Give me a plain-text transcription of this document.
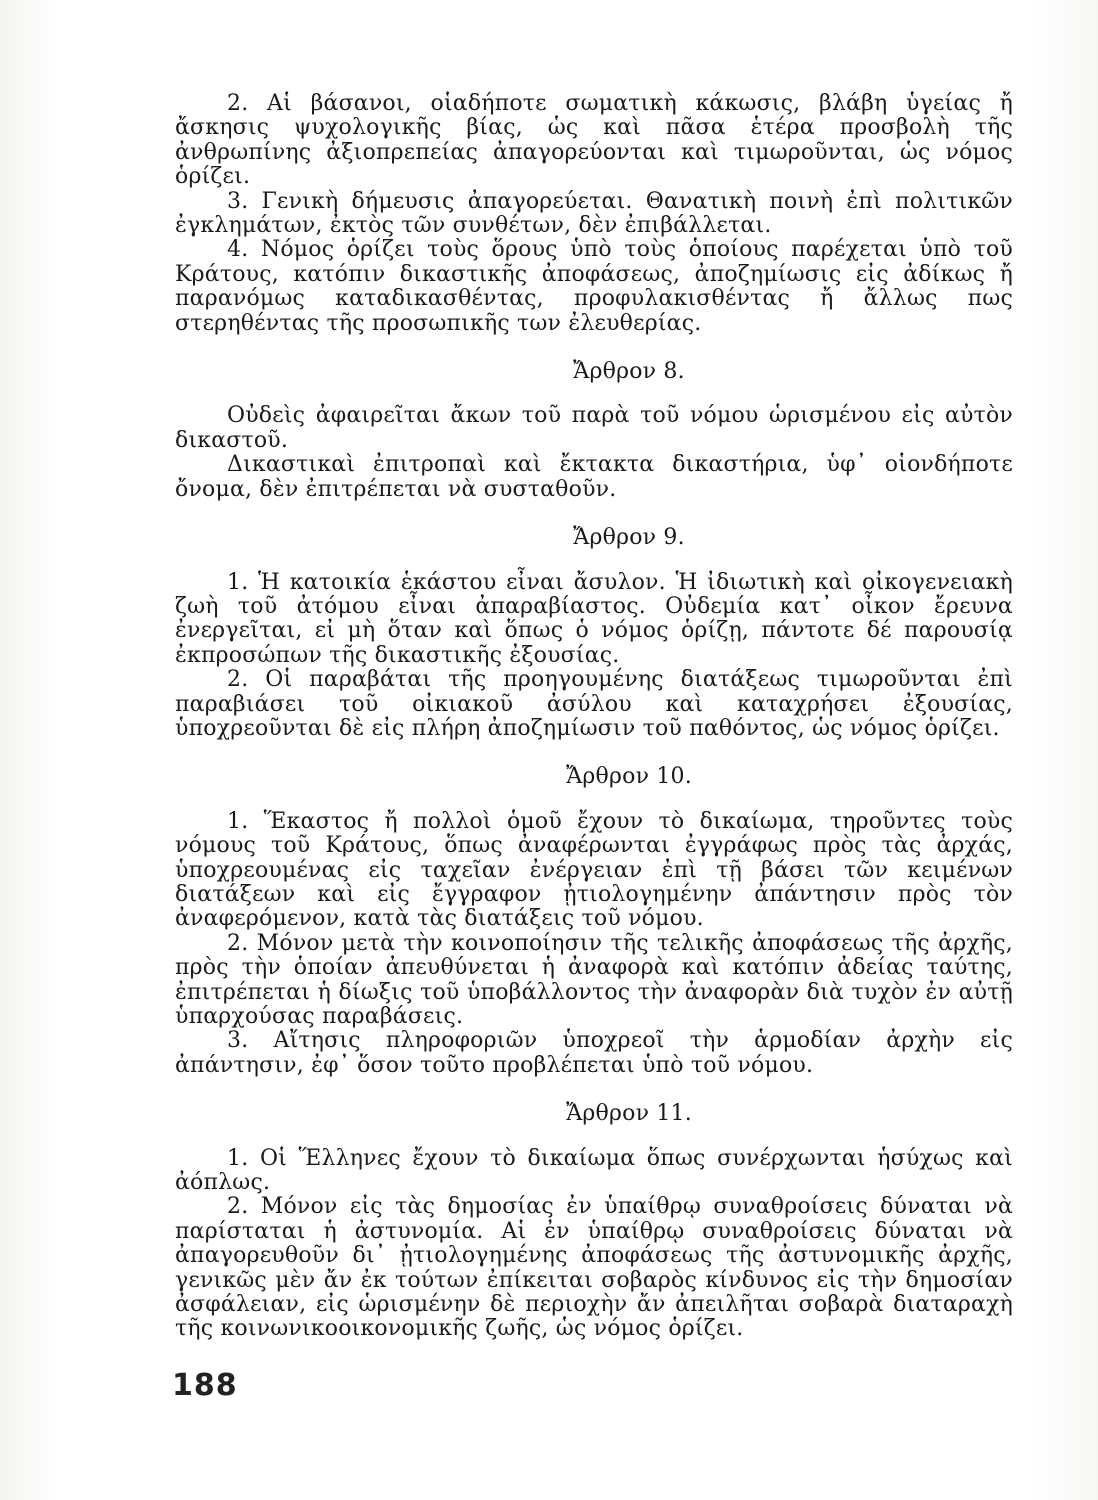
2. Αἱ βάσανοι, οἱαδήποτε σωματικὴ κάκωσις, βλάβη ὑγείας ἤ ἄσκησις ψυχολογικῆς βίας, ὡς καὶ πᾶσα ἑτέρα προσβολὴ τῆς ἀνθρωπίνης ἀξιοπρεπείας ἀπαγορεύονται καὶ τιμωροῦνται, ὡς νόμος ὁρίζει.

3. Γενικὴ δήμευσις ἀπαγορεύεται. Θανατικὴ ποινὴ ἐπὶ πολιτικῶν ἐγκλημάτων, ἐκτὸς τῶν συνθέτων, δὲν ἐπιβάλλεται.

4. Νόμος ὁρίζει τοὺς ὅρους ὑπὸ τοὺς ὁποίους παρέχεται ὑπὸ τοῦ Κράτους, κατόπιν δικαστικῆς ἀποφάσεως, ἀποζημίωσις εἰς ἀδίκως ἤ παρανόμως καταδικασθέντας, προφυλακισθέντας ἤ ἄλλως πως στερηθέντας τῆς προσωπικῆς των ἐλευθερίας.

Ἄρθρον 8.

Οὐδεὶς ἀφαιρεῖται ἄκων τοῦ παρὰ τοῦ νόμου ὡρισμένου εἰς αὐτὸν δικαστοῦ.

Δικαστικαὶ ἐπιτροπαὶ καὶ ἔκτακτα δικαστήρια, ὑφ᾽ οἱονδήποτε ὄνομα, δὲν ἐπιτρέπεται νὰ συσταθοῦν.

Ἄρθρον 9.

1. Ἡ κατοικία ἑκάστου εἶναι ἄσυλον. Ἡ ἰδιωτικὴ καὶ οἰκογενειακὴ ζωὴ τοῦ ἀτόμου εἶναι ἀπαραβίαστος. Οὐδεμία κατ᾽ οἶκον ἔρευνα ἐνεργεῖται, εἰ μὴ ὅταν καὶ ὅπως ὁ νόμος ὁρίζῃ, πάντοτε δέ παρουσίᾳ ἐκπροσώπων τῆς δικαστικῆς ἐξουσίας.

2. Οἱ παραβάται τῆς προηγουμένης διατάξεως τιμωροῦνται ἐπὶ παραβιάσει τοῦ οἰκιακοῦ ἀσύλου καὶ καταχρήσει ἐξουσίας, ὑποχρεοῦνται δὲ εἰς πλήρη ἀποζημίωσιν τοῦ παθόντος, ὡς νόμος ὁρίζει.

Ἄρθρον 10.

1. Ἕκαστος ἤ πολλοὶ ὁμοῦ ἔχουν τὸ δικαίωμα, τηροῦντες τοὺς νόμους τοῦ Κράτους, ὅπως ἀναφέρωνται ἐγγράφως πρὸς τὰς ἀρχάς, ὑποχρεουμένας εἰς ταχεῖαν ἐνέργειαν ἐπὶ τῇ βάσει τῶν κειμένων διατάξεων καὶ εἰς ἔγγραφον ᾐτιολογημένην ἀπάντησιν πρὸς τὸν ἀναφερόμενον, κατὰ τὰς διατάξεις τοῦ νόμου.

2. Μόνον μετὰ τὴν κοινοποίησιν τῆς τελικῆς ἀποφάσεως τῆς ἀρχῆς, πρὸς τὴν ὁποίαν ἀπευθύνεται ἡ ἀναφορὰ καὶ κατόπιν ἀδείας ταύτης, ἐπιτρέπεται ἡ δίωξις τοῦ ὑποβάλλοντος τὴν ἀναφορὰν διὰ τυχὸν ἐν αὐτῇ ὑπαρχούσας παραβάσεις.

3. Αἴτησις πληροφοριῶν ὑποχρεοῖ τὴν ἁρμοδίαν ἀρχὴν εἰς ἀπάντησιν, ἐφ᾽ ὅσον τοῦτο προβλέπεται ὑπὸ τοῦ νόμου.

Ἄρθρον 11.

1. Οἱ Ἕλληνες ἔχουν τὸ δικαίωμα ὅπως συνέρχωνται ἡσύχως καὶ ἀόπλως.

2. Μόνον εἰς τὰς δημοσίας ἐν ὑπαίθρῳ συναθροίσεις δύναται νὰ παρίσταται ἡ ἀστυνομία. Αἱ ἐν ὑπαίθρῳ συναθροίσεις δύναται νὰ ἀπαγορευθοῦν δι᾽ ᾐτιολογημένης ἀποφάσεως τῆς ἀστυνομικῆς ἀρχῆς, γενικῶς μὲν ἄν ἐκ τούτων ἐπίκειται σοβαρὸς κίνδυνος εἰς τὴν δημοσίαν ἀσφάλειαν, εἰς ὡρισμένην δὲ περιοχὴν ἄν ἀπειλῆται σοβαρὰ διαταραχὴ τῆς κοινωνικοοικονομικῆς ζωῆς, ὡς νόμος ὁρίζει.

188
